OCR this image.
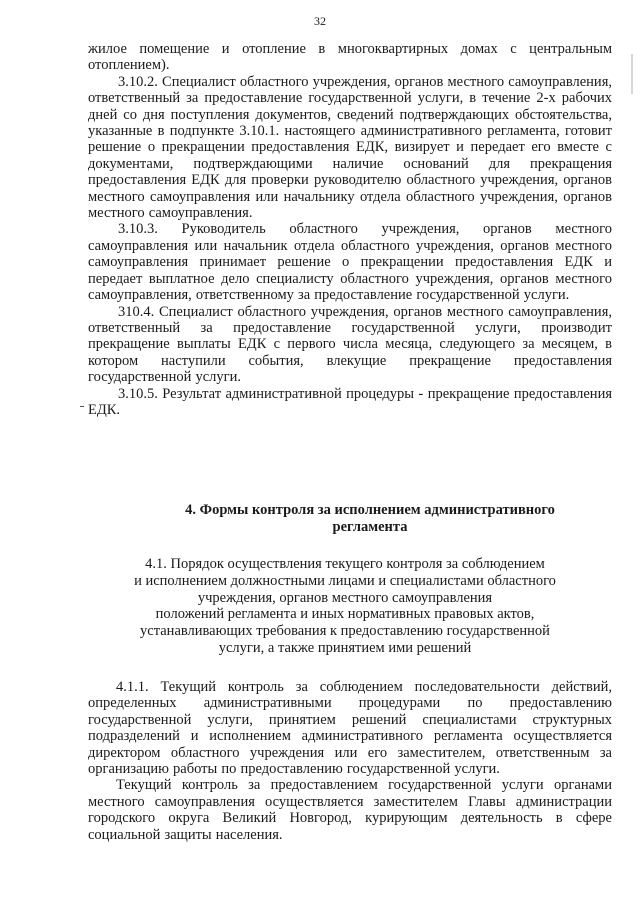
32

жилое помещение и отопление в многоквартирных домах с центральным отоплением).

3.10.2. Специалист областного учреждения, органов местного самоуправления, ответственный за предоставление государственной услуги, в течение 2-х рабочих дней со дня поступления документов, сведений подтверждающих обстоятельства, указанные в подпункте 3.10.1. настоящего административного регламента, готовит решение о прекращении предоставления ЕДК, визирует и передает его вместе с документами, подтверждающими наличие оснований для прекращения предоставления ЕДК для проверки руководителю областного учреждения, органов местного самоуправления или начальнику отдела областного учреждения, органов местного самоуправления.

3.10.3. Руководитель областного учреждения, органов местного самоуправления или начальник отдела областного учреждения, органов местного самоуправления принимает решение о прекращении предоставления ЕДК и передает выплатное дело специалисту областного учреждения, органов местного самоуправления, ответственному за предоставление государственной услуги.

310.4. Специалист областного учреждения, органов местного самоуправления, ответственный за предоставление государственной услуги, производит прекращение выплаты ЕДК с первого числа месяца, следующего за месяцем, в котором наступили события, влекущие прекращение предоставления государственной услуги.

3.10.5. Результат административной процедуры - прекращение предоставления ЕДК.

4. Формы контроля за исполнением административного
регламента
4.1. Порядок осуществления текущего контроля за соблюдением
и исполнением должностными лицами и специалистами областного
учреждения, органов местного самоуправления
положений регламента и иных нормативных правовых актов,
устанавливающих требования к предоставлению государственной
услуги, а также принятием ими решений

4.1.1. Текущий контроль за соблюдением последовательности действий, определенных административными процедурами по предоставлению государственной услуги, принятием решений специалистами структурных подразделений и исполнением административного регламента осуществляется директором областного учреждения или его заместителем, ответственным за организацию работы по предоставлению государственной услуги.

Текущий контроль за предоставлением государственной услуги органами местного самоуправления осуществляется заместителем Главы администрации городского округа Великий Новгород, курирующим деятельность в сфере социальной защиты населения.
